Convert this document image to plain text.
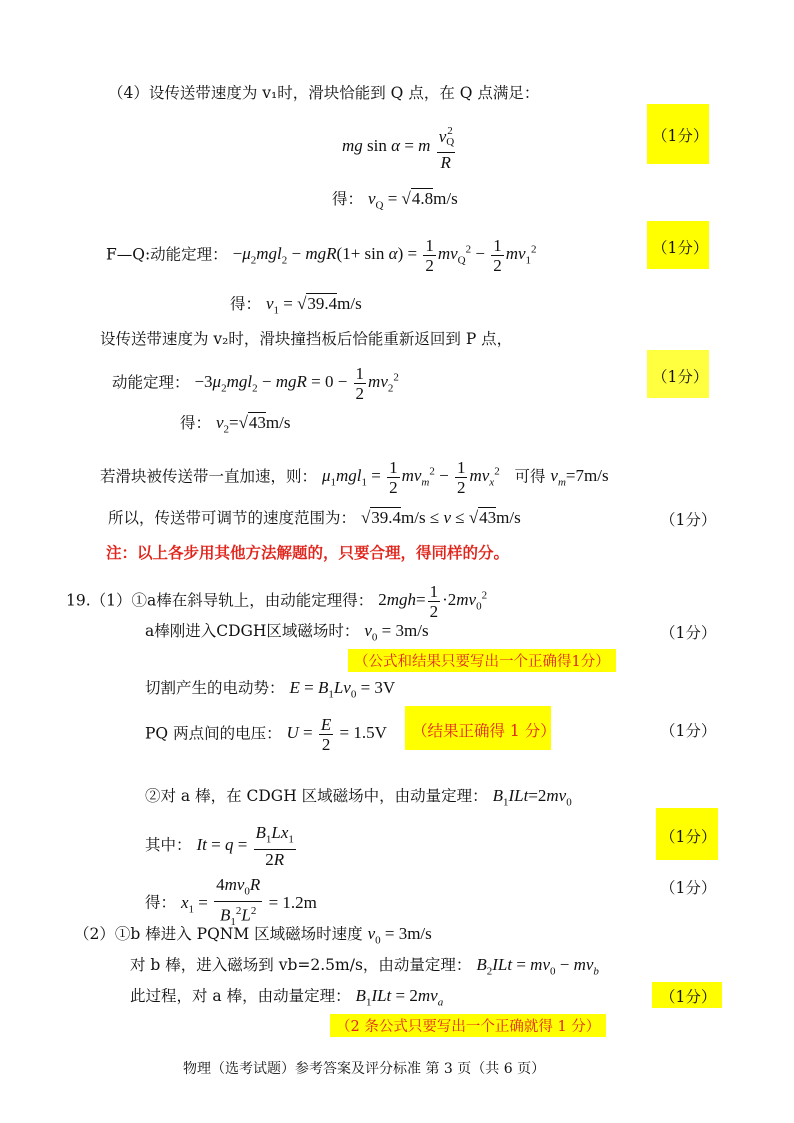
（4）设传送带速度为 v₁时，滑块恰能到 Q 点，在 Q 点满足：
mg sin α = m $\frac{v_Q^2}{R}$	（1分）
得： $v_Q = √4.8m/s$
F—Q:动能定理： $-\mu_2mgl_2 - mgR(1+ \sin \alpha) = \frac{1}{2} mv_Q^2 - \frac{1}{2} mv_1^2$	（1分）
得： $v_1 = √39.4m/s$
设传送带速度为 v₂时，滑块撞挡板后恰能重新返回到 P 点，
动能定理： $-3\mu_2mgl_2$ − mgR = $0 - \frac{1}{2} mv_2^2$	（1分）
得： $v_2=√43m/s$
若滑块被传送带一直加速，则： $\mu_1mgl_1 = \frac{1}{2} mv_m^2 - \frac{1}{2} mv_x^2$ 可得 $v_m=7m/s$
所以，传送带可调节的速度范围为： √39.4m/s ≤ v ≤ √43m/s	（1分）
注：以上各步用其他方法解题的，只要合理，得同样的分。
19.（1）①a棒在斜导轨上，由动能定理得： $2mgh= \frac{1}{2} \cdot 2mv_0^2$
a棒刚进入CDGH区域磁场时： $v_0 = 3m/s$	（1分）
（公式和结果只要写出一个正确得1分）
切割产生的电动势： $E = B_1Lv_0 = 3V$
PQ 两点间的电压： $U = \frac{E}{2} = 1.5V$ （结果正确得 1 分）	（1分）
②对 a 棒，在 CDGH 区域磁场中，由动量定理： $B_1ILt=2mv_0$
其中： $It = q = \frac{B_1Lx_1}{2R}$	（1分）
得： $x_1 = \frac{4mv_0R}{B_1^2L^2} = 1.2m$
（1分）
（2）①b 棒进入 PQNM 区域磁场时速度 $v_0 = 3m/s$
对 b 棒，进入磁场到 vb=2.5m/s，由动量定理： $B_2ILt = mv_0 - mv_b$
此过程，对 a 棒，由动量定理： $B_1ILt = 2mv_a$	（1分）
（2 条公式只要写出一个正确就得 1 分）
物理（选考试题）参考答案及评分标准 第 3 页（共 6 页）
